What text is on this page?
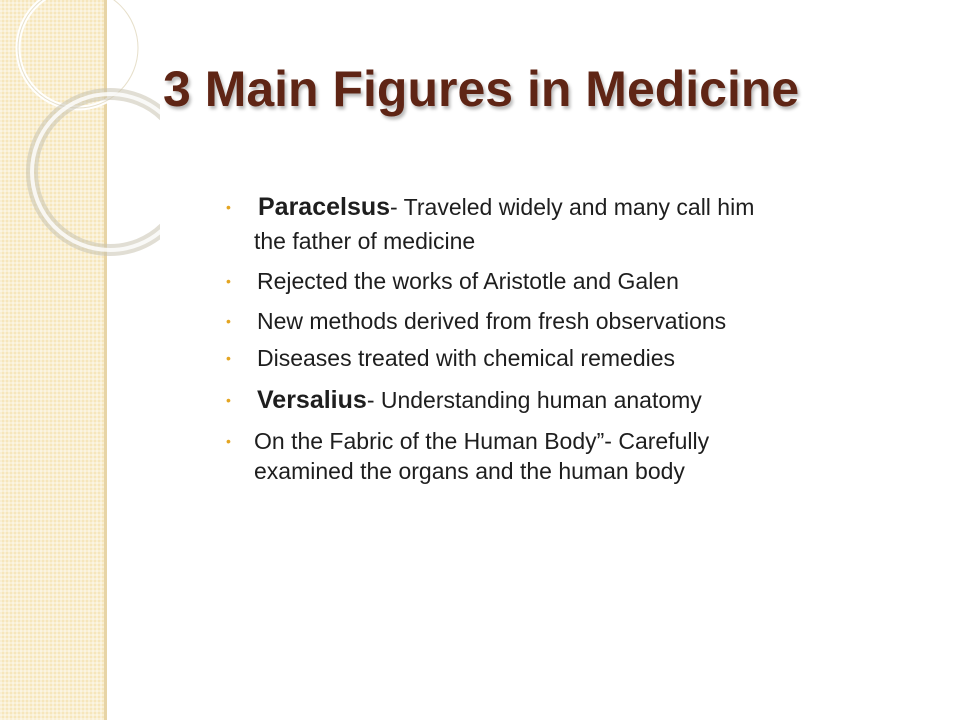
3 Main Figures in Medicine
• Paracelsus- Traveled widely and many call him
the father of medicine
• Rejected the works of Aristotle and Galen
• New methods derived from fresh observations
• Diseases treated with chemical remedies
• Versalius- Understanding human anatomy
• On the Fabric of the Human Body”- Carefully
examined the organs and the human body
